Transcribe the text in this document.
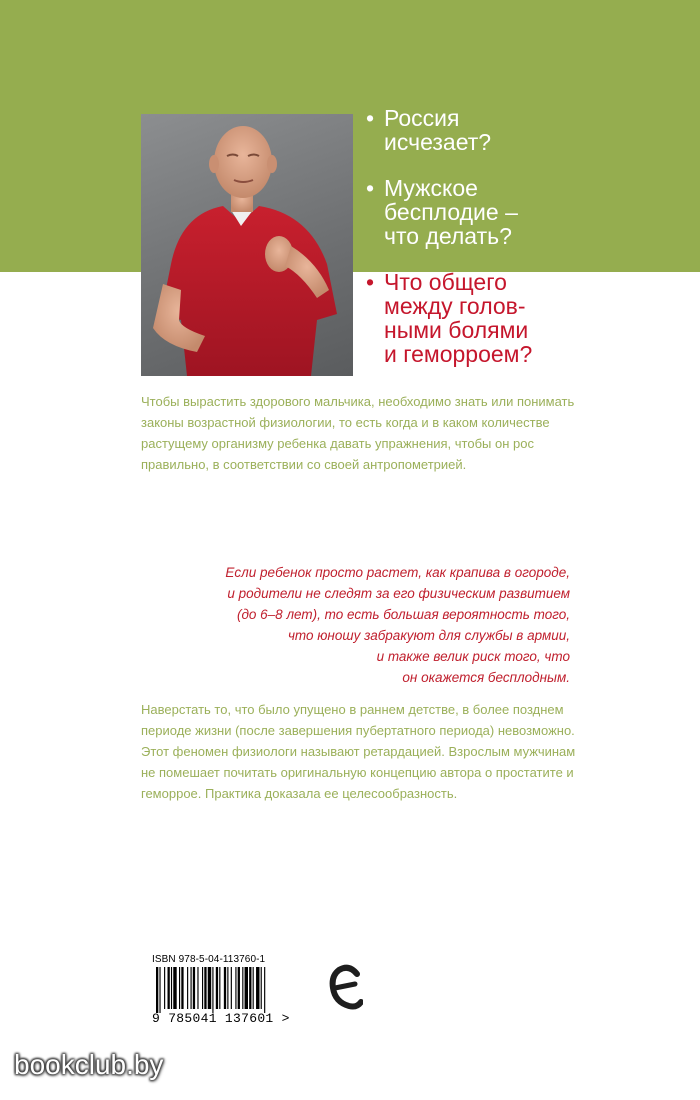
• Россия
исчезает?
• Мужское
бесплодие –
что делать?
• Что общего
между голов-
ными болями
и геморроем?

Чтобы вырастить здорового мальчика, необходимо знать или понимать законы возрастной физиологии, то есть когда и в каком количестве растущему организму ребенка давать упражнения, чтобы он рос правильно, в соответствии со своей антропометрией.

Если ребенок просто растет, как крапива в огороде,
и родители не следят за его физическим развитием
(до 6–8 лет), то есть большая вероятность того,
что юношу забракуют для службы в армии,
и также велик риск того, что
он окажется бесплодным.

Наверстать то, что было упущено в раннем детстве, в более позднем периоде жизни (после завершения пубертатного периода) невозможно. Этот феномен физиологи называют ретардацией. Взрослым мужчинам не помешает почитать оригинальную концепцию автора о простатите и геморрое. Практика доказала ее целесообразность.

ISBN 978-5-04-113760-1
9 785041 137601 >
bookclub.by
